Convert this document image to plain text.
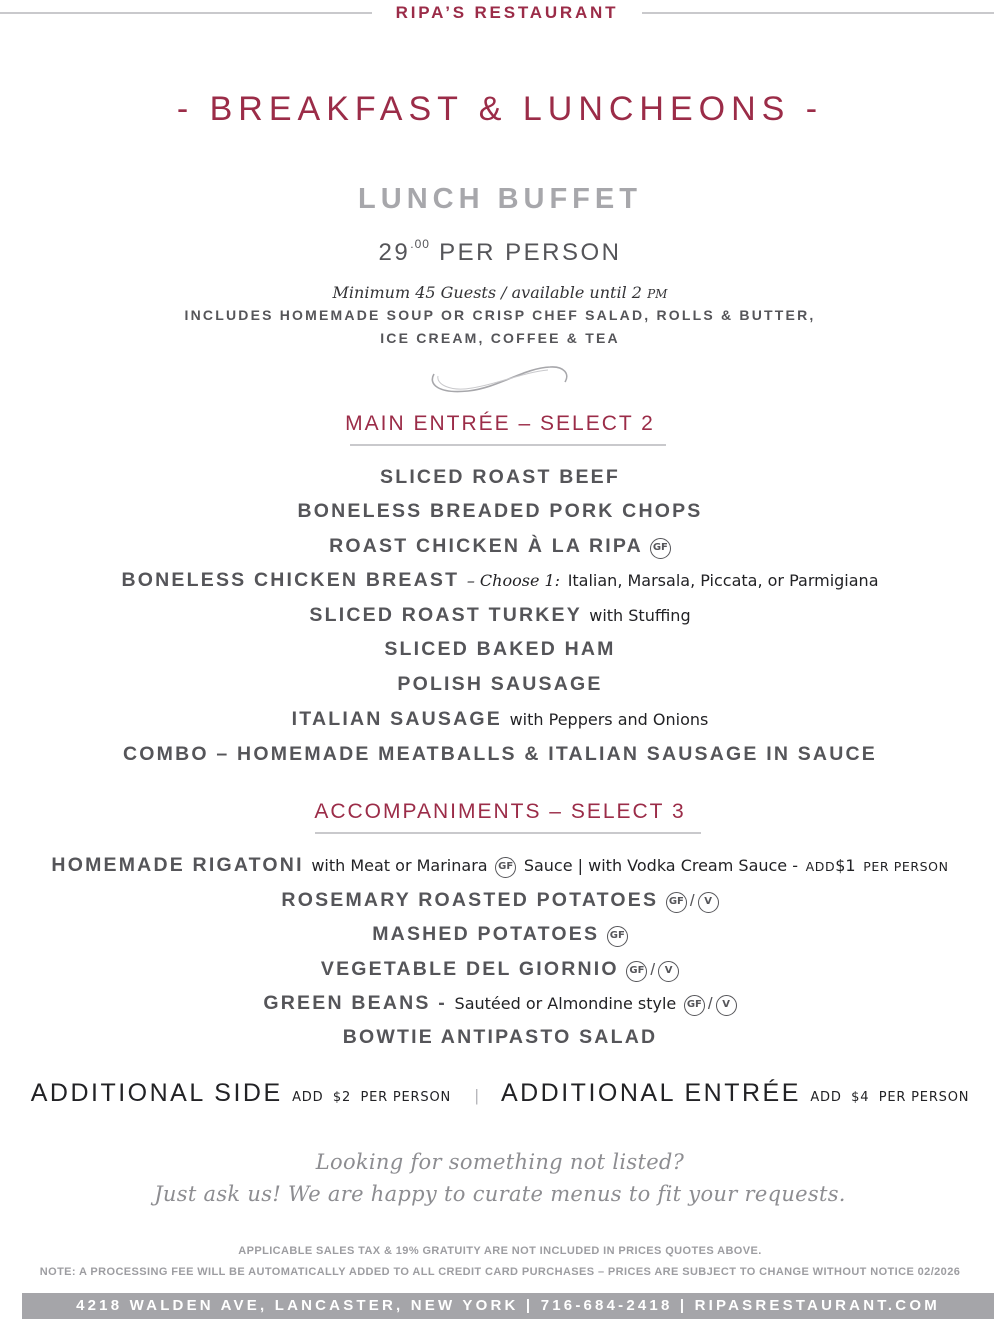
RIPA’S RESTAURANT
- BREAKFAST & LUNCHEONS -
LUNCH BUFFET
$29^{.00}$ PER PERSON
Minimum 45 Guests / available until 2 PM
INCLUDES HOMEMADE SOUP OR CRISP CHEF SALAD, ROLLS & BUTTER,
ICE CREAM, COFFEE & TEA
MAIN ENTRÉE – SELECT 2
SLICED ROAST BEEF
BONELESS BREADED PORK CHOPS
ROAST CHICKEN À LA RIPA GF
BONELESS CHICKEN BREAST – Choose 1: Italian, Marsala, Piccata, or Parmigiana
SLICED ROAST TURKEY with Stuffing
SLICED BAKED HAM
POLISH SAUSAGE
ITALIAN SAUSAGE with Peppers and Onions
COMBO – HOMEMADE MEATBALLS & ITALIAN SAUSAGE IN SAUCE
ACCOMPANIMENTS – SELECT 3
HOMEMADE RIGATONI with Meat or Marinara GF Sauce | with Vodka Cream Sauce - ADD$1 PER PERSON
ROSEMARY ROASTED POTATOES GF / V
MASHED POTATOES GF
VEGETABLE DEL GIORNIO GF / V
GREEN BEANS - Sautéed or Almondine style GF / V
BOWTIE ANTIPASTO SALAD
ADDITIONAL SIDE ADD $2 PER PERSON | ADDITIONAL ENTRÉE ADD $4 PER PERSON
Looking for something not listed?
Just ask us! We are happy to curate menus to fit your requests.
APPLICABLE SALES TAX & 19% GRATUITY ARE NOT INCLUDED IN PRICES QUOTES ABOVE.
NOTE: A PROCESSING FEE WILL BE AUTOMATICALLY ADDED TO ALL CREDIT CARD PURCHASES – PRICES ARE SUBJECT TO CHANGE WITHOUT NOTICE 02/2026
4218 WALDEN AVE, LANCASTER, NEW YORK | 716-684-2418 | RIPASRESTAURANT.COM
